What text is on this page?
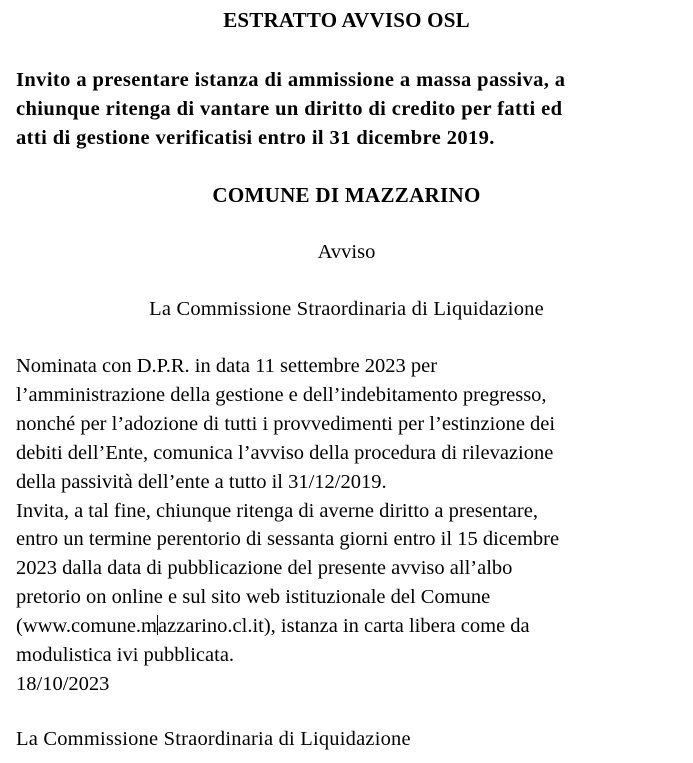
ESTRATTO AVVISO OSL
Invito a presentare istanza di ammissione a massa passiva, a
chiunque ritenga di vantare un diritto di credito per fatti ed
atti di gestione verificatisi entro il 31 dicembre 2019.
COMUNE DI MAZZARINO
Avviso
La Commissione Straordinaria di Liquidazione
Nominata con D.P.R. in data 11 settembre 2023 per
l’amministrazione della gestione e dell’indebitamento pregresso,
nonché per l’adozione di tutti i provvedimenti per l’estinzione dei
debiti dell’Ente, comunica l’avviso della procedura di rilevazione
della passività dell’ente a tutto il 31/12/2019.
Invita, a tal fine, chiunque ritenga di averne diritto a presentare,
entro un termine perentorio di sessanta giorni entro il 15 dicembre
2023 dalla data di pubblicazione del presente avviso all’albo
pretorio on online e sul sito web istituzionale del Comune
(www.comune.mazzarino.cl.it), istanza in carta libera come da
modulistica ivi pubblicata.
18/10/2023
La Commissione Straordinaria di Liquidazione
